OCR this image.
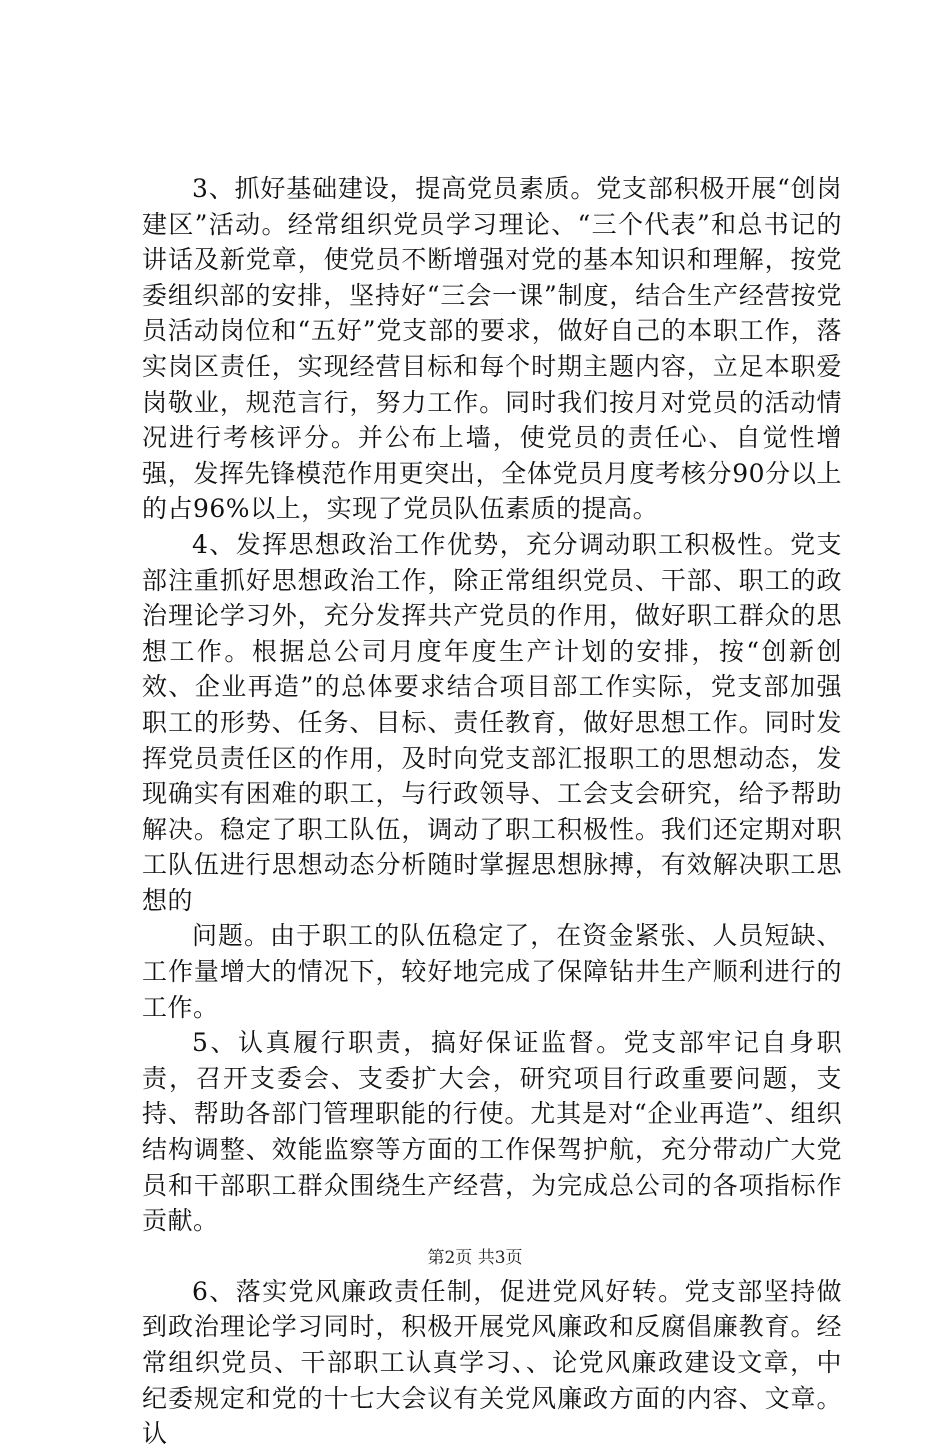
3、抓好基础建设，提高党员素质。党支部积极开展“创岗建区”活动。经常组织党员学习理论、“三个代表”和总书记的讲话及新党章，使党员不断增强对党的基本知识和理解，按党委组织部的安排，坚持好“三会一课”制度，结合生产经营按党员活动岗位和“五好”党支部的要求，做好自己的本职工作，落实岗区责任，实现经营目标和每个时期主题内容，立足本职爱岗敬业，规范言行，努力工作。同时我们按月对党员的活动情况进行考核评分。并公布上墙，使党员的责任心、自觉性增强，发挥先锋模范作用更突出，全体党员月度考核分90分以上的占96%以上，实现了党员队伍素质的提高。

4、发挥思想政治工作优势，充分调动职工积极性。党支部注重抓好思想政治工作，除正常组织党员、干部、职工的政治理论学习外，充分发挥共产党员的作用，做好职工群众的思想工作。根据总公司月度年度生产计划的安排，按“创新创效、企业再造”的总体要求结合项目部工作实际，党支部加强职工的形势、任务、目标、责任教育，做好思想工作。同时发挥党员责任区的作用，及时向党支部汇报职工的思想动态，发现确实有困难的职工，与行政领导、工会支会研究，给予帮助解决。稳定了职工队伍，调动了职工积极性。我们还定期对职工队伍进行思想动态分析随时掌握思想脉搏，有效解决职工思想的

问题。由于职工的队伍稳定了，在资金紧张、人员短缺、工作量增大的情况下，较好地完成了保障钻井生产顺利进行的工作。

5、认真履行职责，搞好保证监督。党支部牢记自身职责，召开支委会、支委扩大会，研究项目行政重要问题，支持、帮助各部门管理职能的行使。尤其是对“企业再造”、组织结构调整、效能监察等方面的工作保驾护航，充分带动广大党员和干部职工群众围绕生产经营，为完成总公司的各项指标作贡献。

6、落实党风廉政责任制，促进党风好转。党支部坚持做到政治理论学习同时，积极开展党风廉政和反腐倡廉教育。经常组织党员、干部职工认真学习、、论党风廉政建设文章，中纪委规定和党的十七大会议有关党风廉政方面的内容、文章。认

第2页 共3页
